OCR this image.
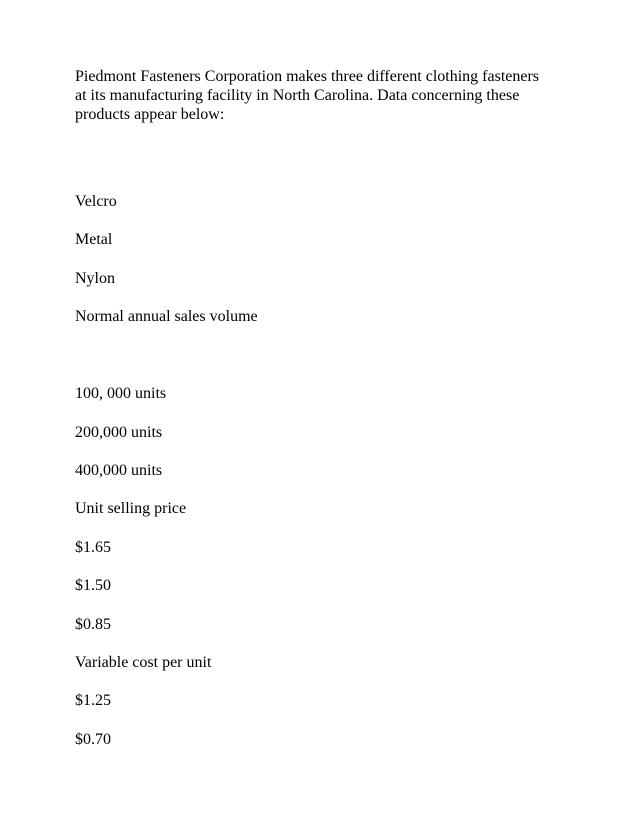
Piedmont Fasteners Corporation makes three different clothing fasteners
at its manufacturing facility in North Carolina. Data concerning these
products appear below:

Velcro

Metal

Nylon

Normal annual sales volume

100, 000 units

200,000 units

400,000 units

Unit selling price

$1.65

$1.50

$0.85

Variable cost per unit

$1.25

$0.70
